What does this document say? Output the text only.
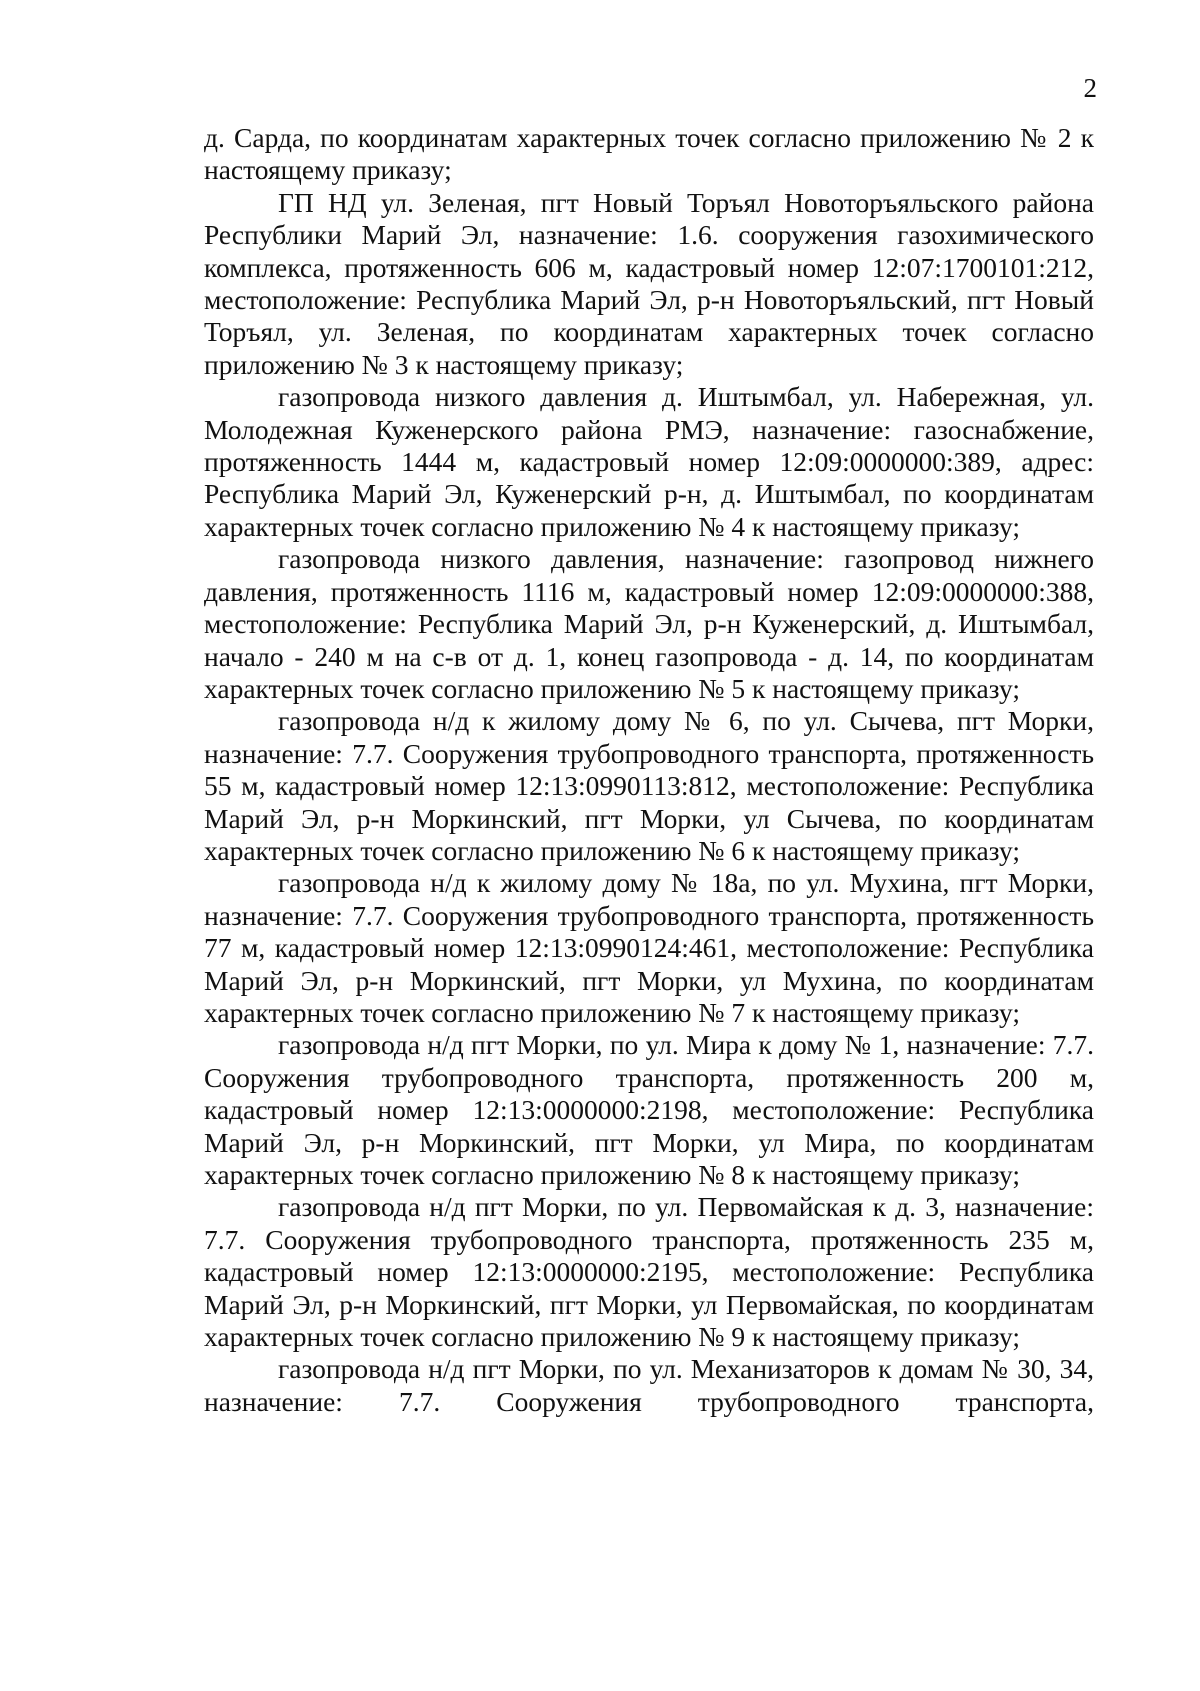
2

д. Сарда, по координатам характерных точек согласно приложению № 2 к настоящему приказу;

ГП НД ул. Зеленая, пгт Новый Торъял Новоторъяльского района Республики Марий Эл, назначение: 1.6. сооружения газохимического комплекса, протяженность 606 м, кадастровый номер 12:07:1700101:212, местоположение: Республика Марий Эл, р-н Новоторъяльский, пгт Новый Торъял, ул. Зеленая, по координатам характерных точек согласно приложению № 3 к настоящему приказу;

газопровода низкого давления д. Иштымбал, ул. Набережная, ул. Молодежная Куженерского района РМЭ, назначение: газоснабжение, протяженность 1444 м, кадастровый номер 12:09:0000000:389, адрес: Республика Марий Эл, Куженерский р-н, д. Иштымбал, по координатам характерных точек согласно приложению № 4 к настоящему приказу;

газопровода низкого давления, назначение: газопровод нижнего давления, протяженность 1116 м, кадастровый номер 12:09:0000000:388, местоположение: Республика Марий Эл, р-н Куженерский, д. Иштымбал, начало - 240 м на с-в от д. 1, конец газопровода - д. 14, по координатам характерных точек согласно приложению № 5 к настоящему приказу;

газопровода н/д к жилому дому № 6, по ул. Сычева, пгт Морки, назначение: 7.7. Сооружения трубопроводного транспорта, протяженность 55 м, кадастровый номер 12:13:0990113:812, местоположение: Республика Марий Эл, р-н Моркинский, пгт Морки, ул Сычева, по координатам характерных точек согласно приложению № 6 к настоящему приказу;

газопровода н/д к жилому дому № 18а, по ул. Мухина, пгт Морки, назначение: 7.7. Сооружения трубопроводного транспорта, протяженность 77 м, кадастровый номер 12:13:0990124:461, местоположение: Республика Марий Эл, р-н Моркинский, пгт Морки, ул Мухина, по координатам характерных точек согласно приложению № 7 к настоящему приказу;

газопровода н/д пгт Морки, по ул. Мира к дому № 1, назначение: 7.7. Сооружения трубопроводного транспорта, протяженность 200 м, кадастровый номер 12:13:0000000:2198, местоположение: Республика Марий Эл, р-н Моркинский, пгт Морки, ул Мира, по координатам характерных точек согласно приложению № 8 к настоящему приказу;

газопровода н/д пгт Морки, по ул. Первомайская к д. 3, назначение: 7.7. Сооружения трубопроводного транспорта, протяженность 235 м, кадастровый номер 12:13:0000000:2195, местоположение: Республика Марий Эл, р-н Моркинский, пгт Морки, ул Первомайская, по координатам характерных точек согласно приложению № 9 к настоящему приказу;

газопровода н/д пгт Морки, по ул. Механизаторов к домам № 30, 34, назначение: 7.7. Сооружения трубопроводного транспорта,
